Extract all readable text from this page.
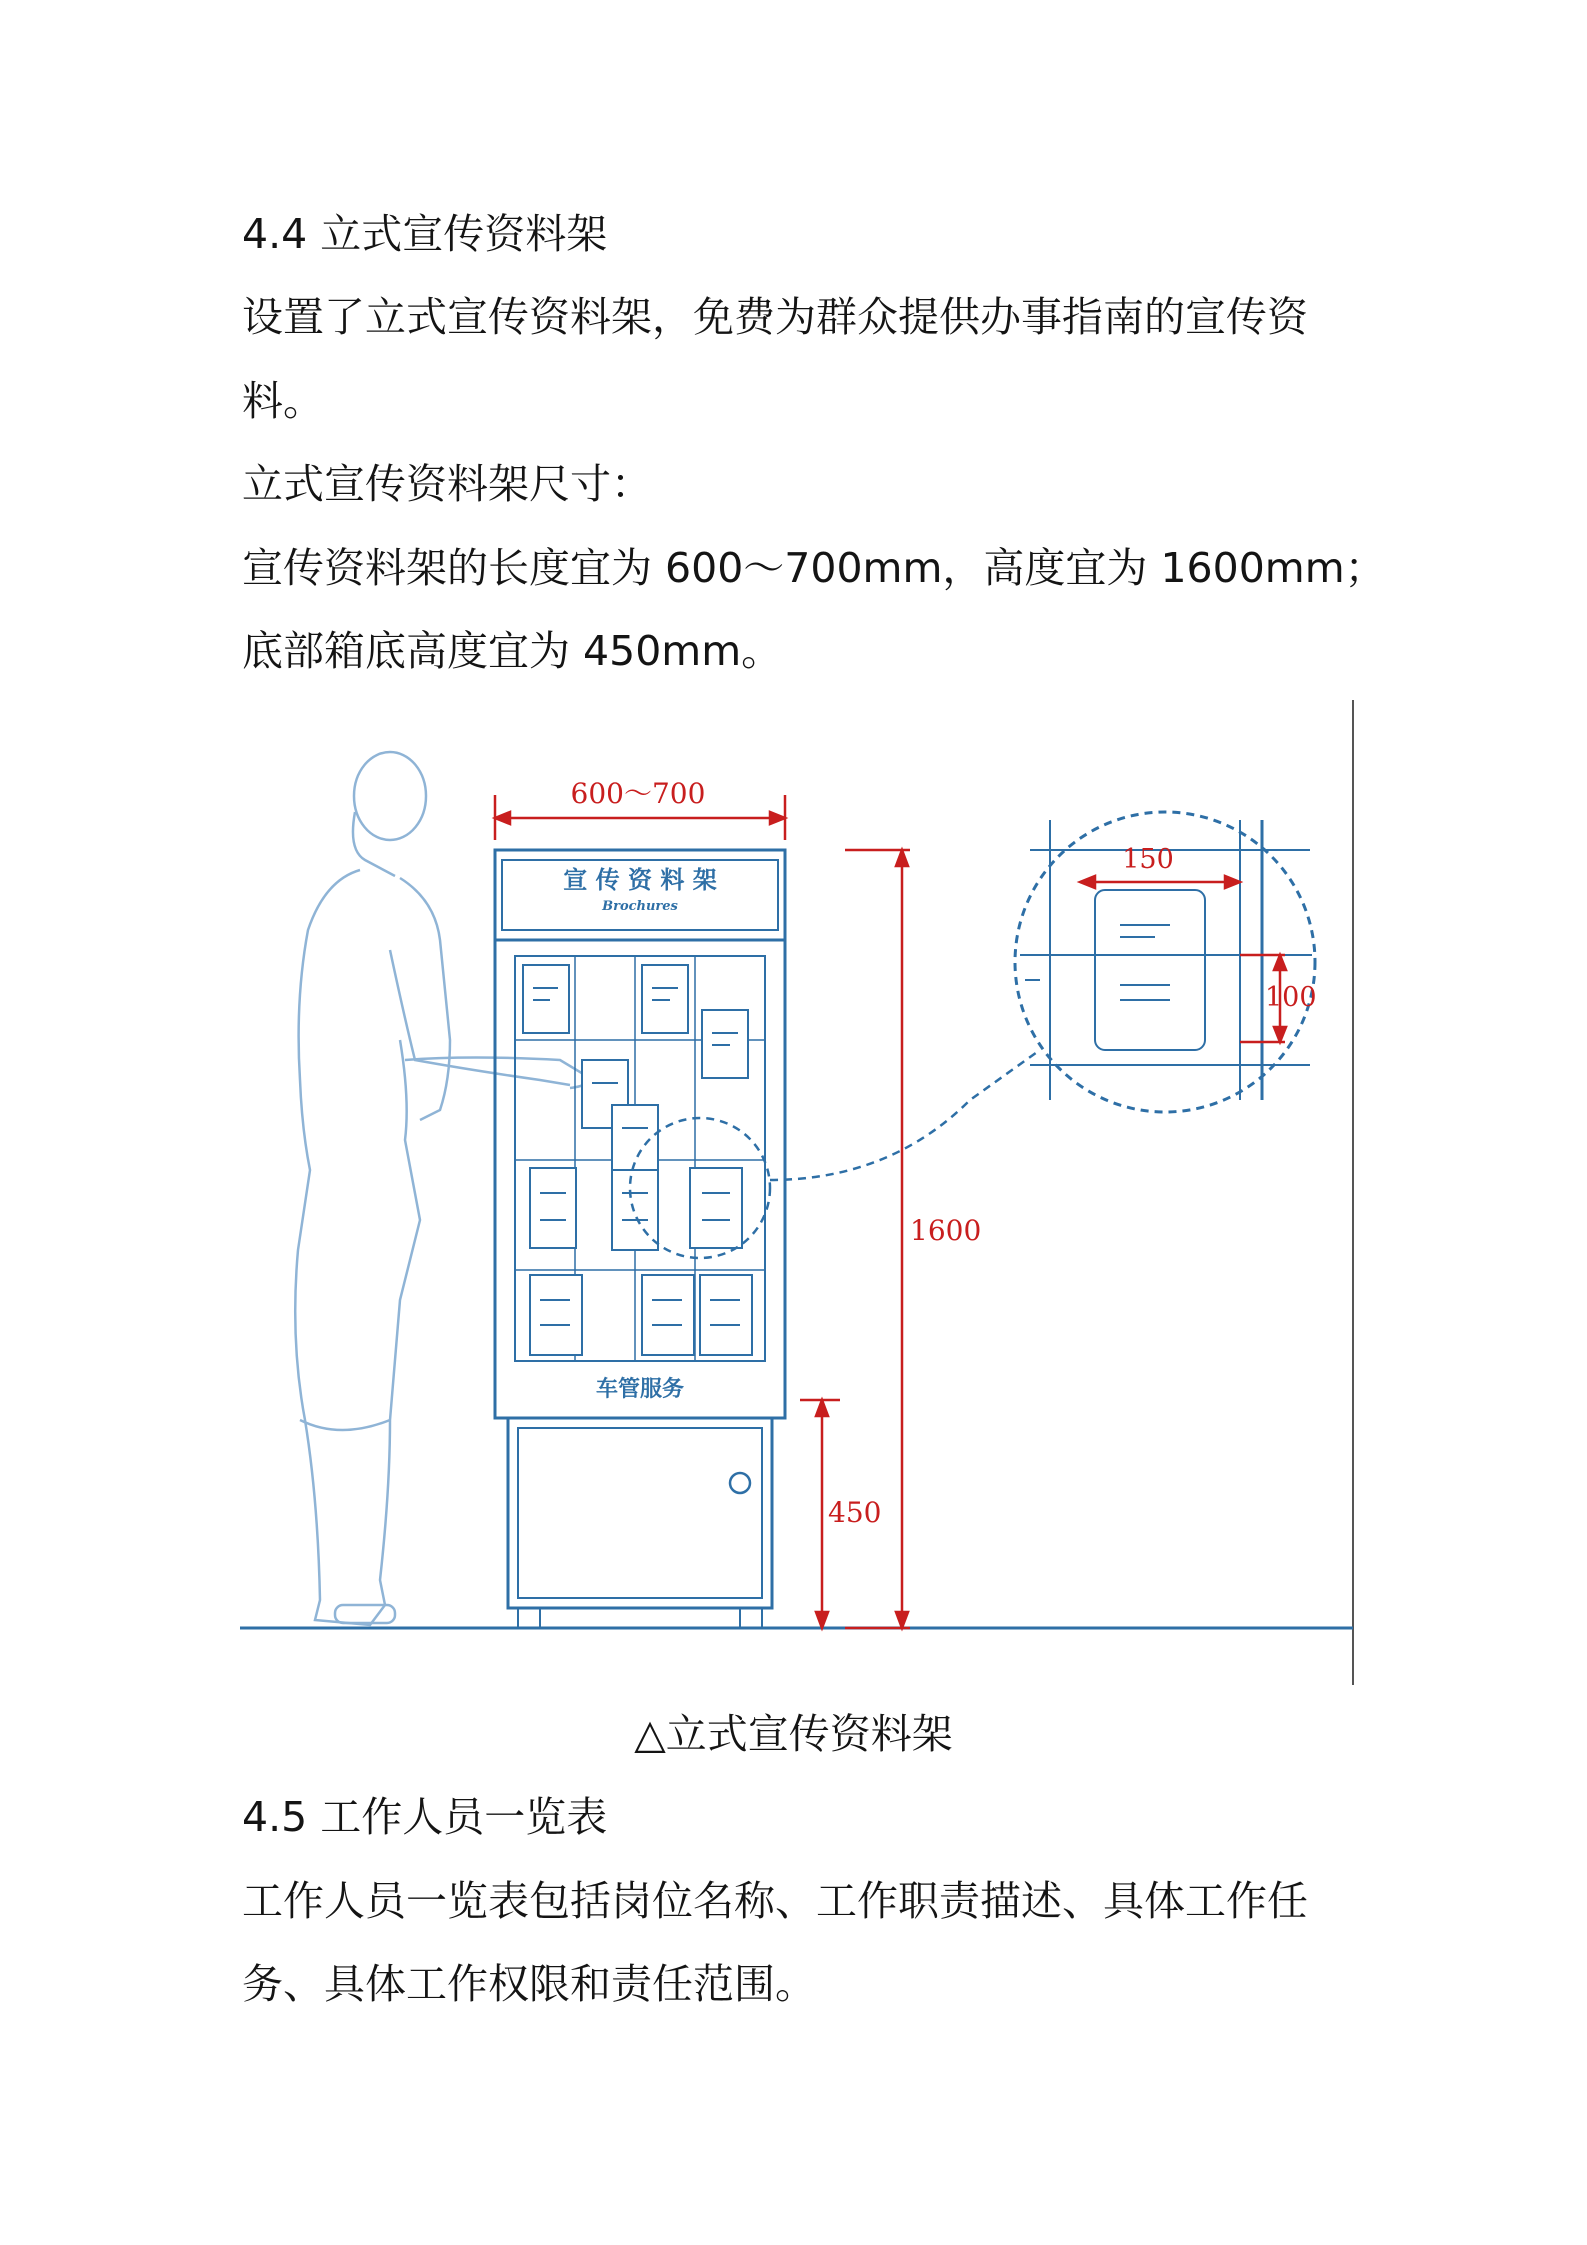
4.4 立式宣传资料架
设置了立式宣传资料架，免费为群众提供办事指南的宣传资
料。
立式宣传资料架尺寸：
宣传资料架的长度宜为 600～700mm，高度宜为 1600mm；
底部箱底高度宜为 450mm。
宣 传 资 料 架
Brochures
车管服务
600～700
1600
450
150
100
△立式宣传资料架
4.5 工作人员一览表
工作人员一览表包括岗位名称、工作职责描述、具体工作任
务、具体工作权限和责任范围。
